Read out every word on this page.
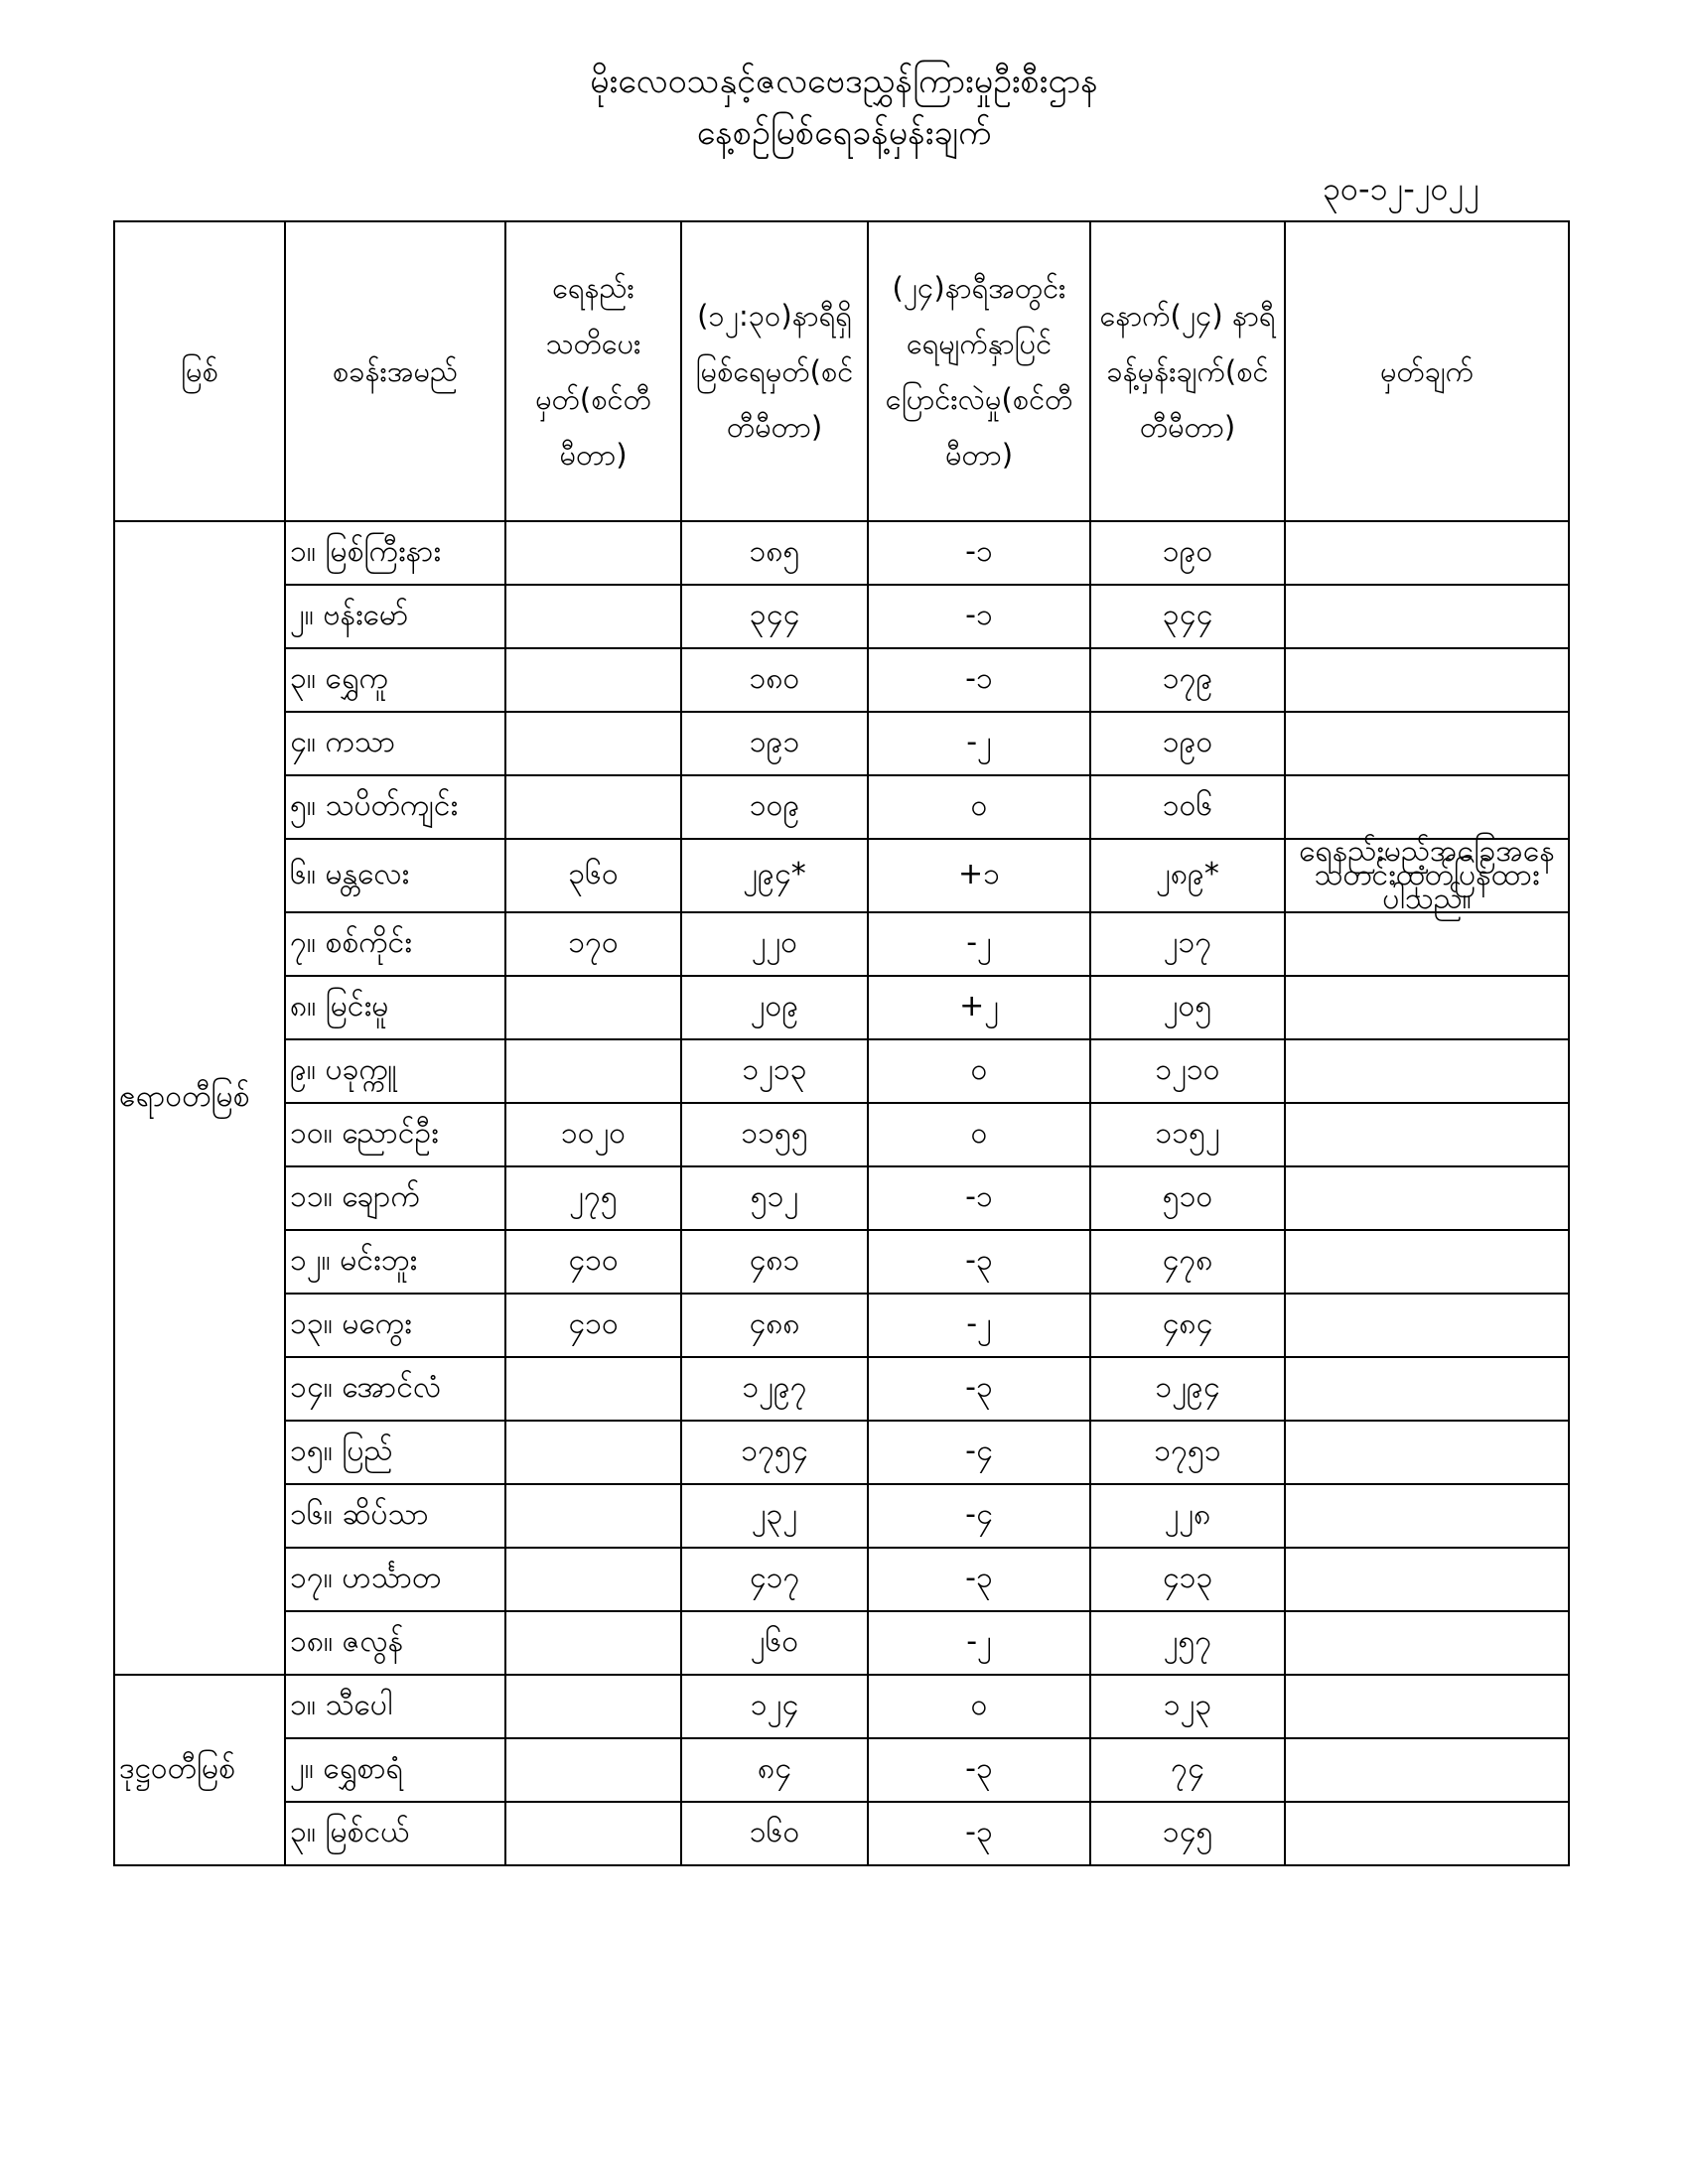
မိုးလေဝသနှင့်ဇလဗေဒညွှန်ကြားမှုဦးစီးဌာန
နေ့စဉ်မြစ်ရေခန့်မှန်းချက်
၃၀-၁၂-၂၀၂၂
မြစ်	စခန်းအမည်	ရေနည်းသတိပေးမှတ်(စင်တီမီတာ)	(၁၂:၃၀)နာရီရှိမြစ်ရေမှတ်(စင်တီမီတာ)	(၂၄)နာရီအတွင်းရေမျက်နှာပြင်ပြောင်းလဲမှု(စင်တီမီတာ)	နောက်(၂၄) နာရီခန့်မှန်းချက်(စင်တီမီတာ)	မှတ်ချက်
ဧရာဝတီမြစ်	၁။ မြစ်ကြီးနား		၁၈၅	-၁	၁၉၀	
	၂။ ဗန်းမော်		၃၄၄	-၁	၃၄၄	
	၃။ ရွှေကူ		၁၈၀	-၁	၁၇၉	
	၄။ ကသာ		၁၉၁	-၂	၁၉၀	
	၅။ သပိတ်ကျင်း		၁၀၉	၀	၁၀၆	
	၆။ မန္တလေး	၃၆၀	၂၉၄*	+၁	၂၈၉*	ရေနည်းမည့်အခြေအနေသတင်းထုတ်ပြန်ထားပါသည်။
	၇။ စစ်ကိုင်း	၁၇၀	၂၂၀	-၂	၂၁၇	
	၈။ မြင်းမူ		၂၀၉	+၂	၂၀၅	
	၉။ ပခုက္ကူ		၁၂၁၃	၀	၁၂၁၀	
	၁၀။ ညောင်ဦး	၁၀၂၀	၁၁၅၅	၀	၁၁၅၂	
	၁၁။ ချောက်	၂၇၅	၅၁၂	-၁	၅၁၀	
	၁၂။ မင်းဘူး	၄၁၀	၄၈၁	-၃	၄၇၈	
	၁၃။ မကွေး	၄၁၀	၄၈၈	-၂	၄၈၄	
	၁၄။ အောင်လံ		၁၂၉၇	-၃	၁၂၉၄	
	၁၅။ ပြည်		၁၇၅၄	-၄	၁၇၅၁	
	၁၆။ ဆိပ်သာ		၂၃၂	-၄	၂၂၈	
	၁၇။ ဟင်္သာတ		၄၁၇	-၃	၄၁၃	
	၁၈။ ဇလွန်		၂၆၀	-၂	၂၅၇	
ဒုဋ္ဌဝတီမြစ်	၁။ သီပေါ		၁၂၄	၀	၁၂၃	
	၂။ ရွှေစာရံ		၈၄	-၃	၇၄	
	၃။ မြစ်ငယ်		၁၆၀	-၃	၁၄၅	
